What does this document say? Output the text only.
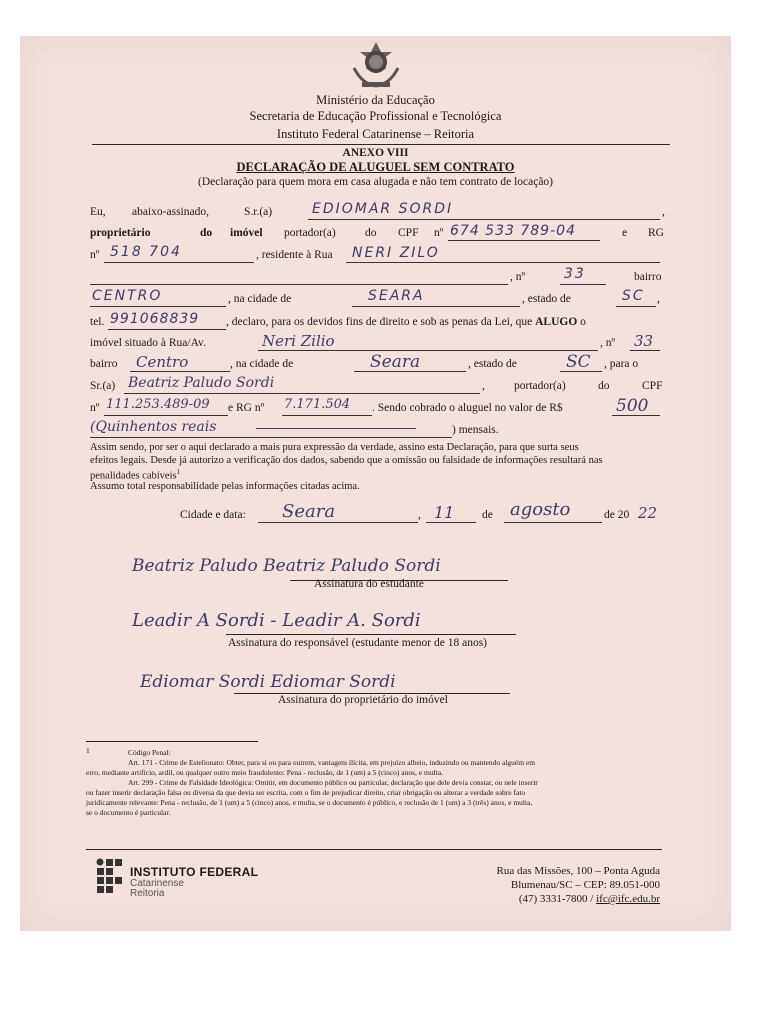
Ministério da Educação
Secretaria de Educação Profissional e Tecnológica
Instituto Federal Catarinense – Reitoria
ANEXO VIII
DECLARAÇÃO DE ALUGUEL SEM CONTRATO
(Declaração para quem mora em casa alugada e não tem contrato de locação)
Eu, abaixo-assinado,	S.r.(a)	EDIOMAR SORDI	,
proprietário	do imóvel portador(a)	do CPF nº 674 533 789-04	e RG
nº 518 704	, residente à Rua NERI ZILO
, nº	33	bairro
CENTRO	, na cidade de	SEARA	, estado de	SC ,
tel. 991068839 , declaro, para os devidos fins de direito e sob as penas da Lei, que ALUGO o
imóvel situado à Rua/Av.	Neri Zilio	, nº 33
bairro Centro	, na cidade de	Seara	, estado de	SC , para o
Sr.(a) Beatriz Paludo Sordi	,	portador(a)	do	CPF
nº 111.253.489-09 e RG nº 7.171.504 . Sendo cobrado o aluguel no valor de R$	500
(Quinhentos reais	) mensais.
Assim sendo, por ser o aqui declarado a mais pura expressão da verdade, assino esta Declaração, para que surta seus
efeitos legais. Desde já autorizo a verificação dos dados, sabendo que a omissão ou falsidade de informações resultará nas
penalidades cabíveis$^1$
Assumo total responsabilidade pelas informações citadas acima.
Cidade e data: Seara	, 11 de agosto	de 20 22
Beatriz Paludo Beatriz Paludo Sordi
Assinatura do estudante
Leadir A Sordi - Leadir A. Sordi
Assinatura do responsável (estudante menor de 18 anos)
Ediomar Sordi Ediomar Sordi
Assinatura do proprietário do imóvel
1	Código Penal:
Art. 171 - Crime de Estelionato: Obter, para si ou para outrem, vantagem ilícita, em prejuízo alheio, induzindo ou mantendo alguém em
erro, mediante artifício, ardil, ou qualquer outro meio fraudulento: Pena - reclusão, de 1 (um) a 5 (cinco) anos, e multa.
Art. 299 - Crime de Falsidade Ideológica: Omitir, em documento público ou particular, declaração que dele devia constar, ou nele inserir
ou fazer inserir declaração falsa ou diversa da que devia ser escrita, com o fim de prejudicar direito, criar obrigação ou alterar a verdade sobre fato
juridicamente relevante: Pena - reclusão, de 1 (um) a 5 (cinco) anos, e multa, se o documento é público, e reclusão de 1 (um) a 3 (três) anos, e multa,
se o documento é particular.
INSTITUTO FEDERAL
Catarinense
Reitoria
Rua das Missões, 100 – Ponta Aguda
Blumenau/SC – CEP: 89.051-000
(47) 3331-7800 / ifc@ifc.edu.br
